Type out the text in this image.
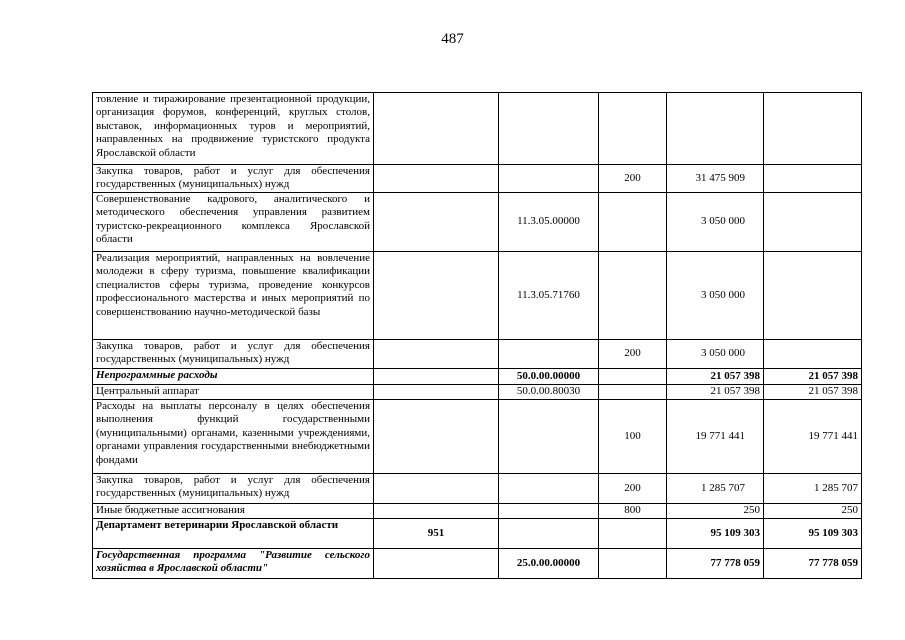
487
товление и тиражирование презентационной продукции, организация форумов, конференций, круглых столов, выставок, информационных туров и мероприятий, направленных на продвижение туристского продукта Ярославской области					
Закупка товаров, работ и услуг для обеспечения государственных (муниципальных) нужд			200	31 475 909	
Совершенствование кадрового, аналитического и методического обеспечения управления развитием туристско-рекреационного комплекса Ярославской области		11.3.05.00000		3 050 000	
Реализация мероприятий, направленных на вовлечение молодежи в сферу туризма, повышение квалификации специалистов сферы туризма, проведение конкурсов профессионального мастерства и иных мероприятий по совершенствованию научно-методической базы		11.3.05.71760		3 050 000	
Закупка товаров, работ и услуг для обеспечения государственных (муниципальных) нужд			200	3 050 000	
Непрограммные расходы		50.0.00.00000		21 057 398	21 057 398
Центральный аппарат		50.0.00.80030		21 057 398	21 057 398
Расходы на выплаты персоналу в целях обеспечения выполнения функций государственными (муниципальными) органами, казенными учреждениями, органами управления государственными внебюджетными фондами			100	19 771 441	19 771 441
Закупка товаров, работ и услуг для обеспечения государственных (муниципальных) нужд			200	1 285 707	1 285 707
Иные бюджетные ассигнования			800	250	250
Департамент ветеринарии Ярославской области	951			95 109 303	95 109 303
Государственная программа "Развитие сельского хозяйства в Ярославской области"		25.0.00.00000		77 778 059	77 778 059
